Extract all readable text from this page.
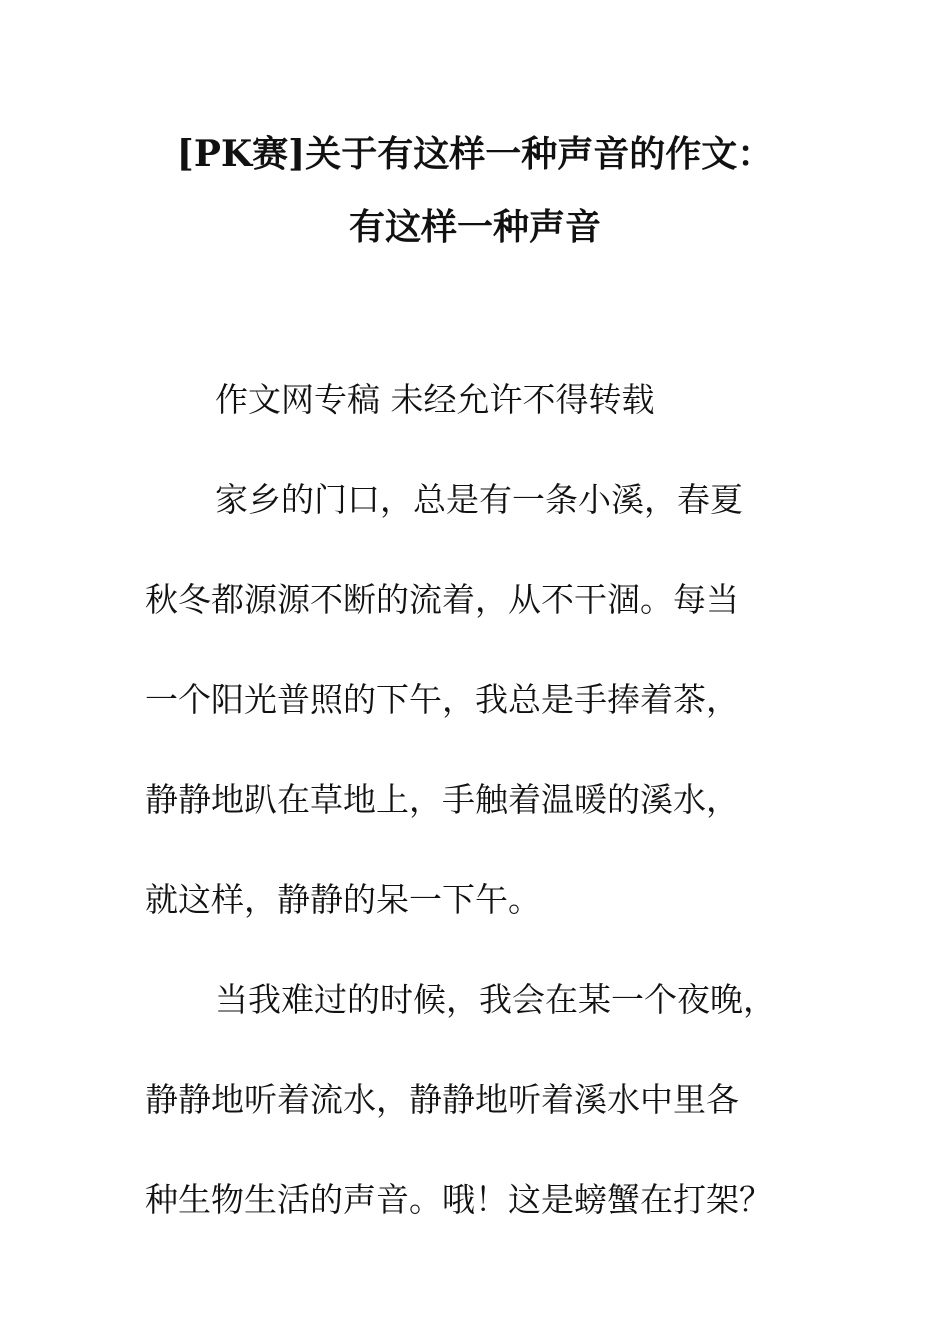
[PK赛]关于有这样一种声音的作文：
有这样一种声音
作文网专稿 未经允许不得转载
家乡的门口，总是有一条小溪，春夏
秋冬都源源不断的流着，从不干涸。每当
一个阳光普照的下午，我总是手捧着茶，
静静地趴在草地上，手触着温暖的溪水，
就这样，静静的呆一下午。
当我难过的时候，我会在某一个夜晚，
静静地听着流水，静静地听着溪水中里各
种生物生活的声音。哦！这是螃蟹在打架？
